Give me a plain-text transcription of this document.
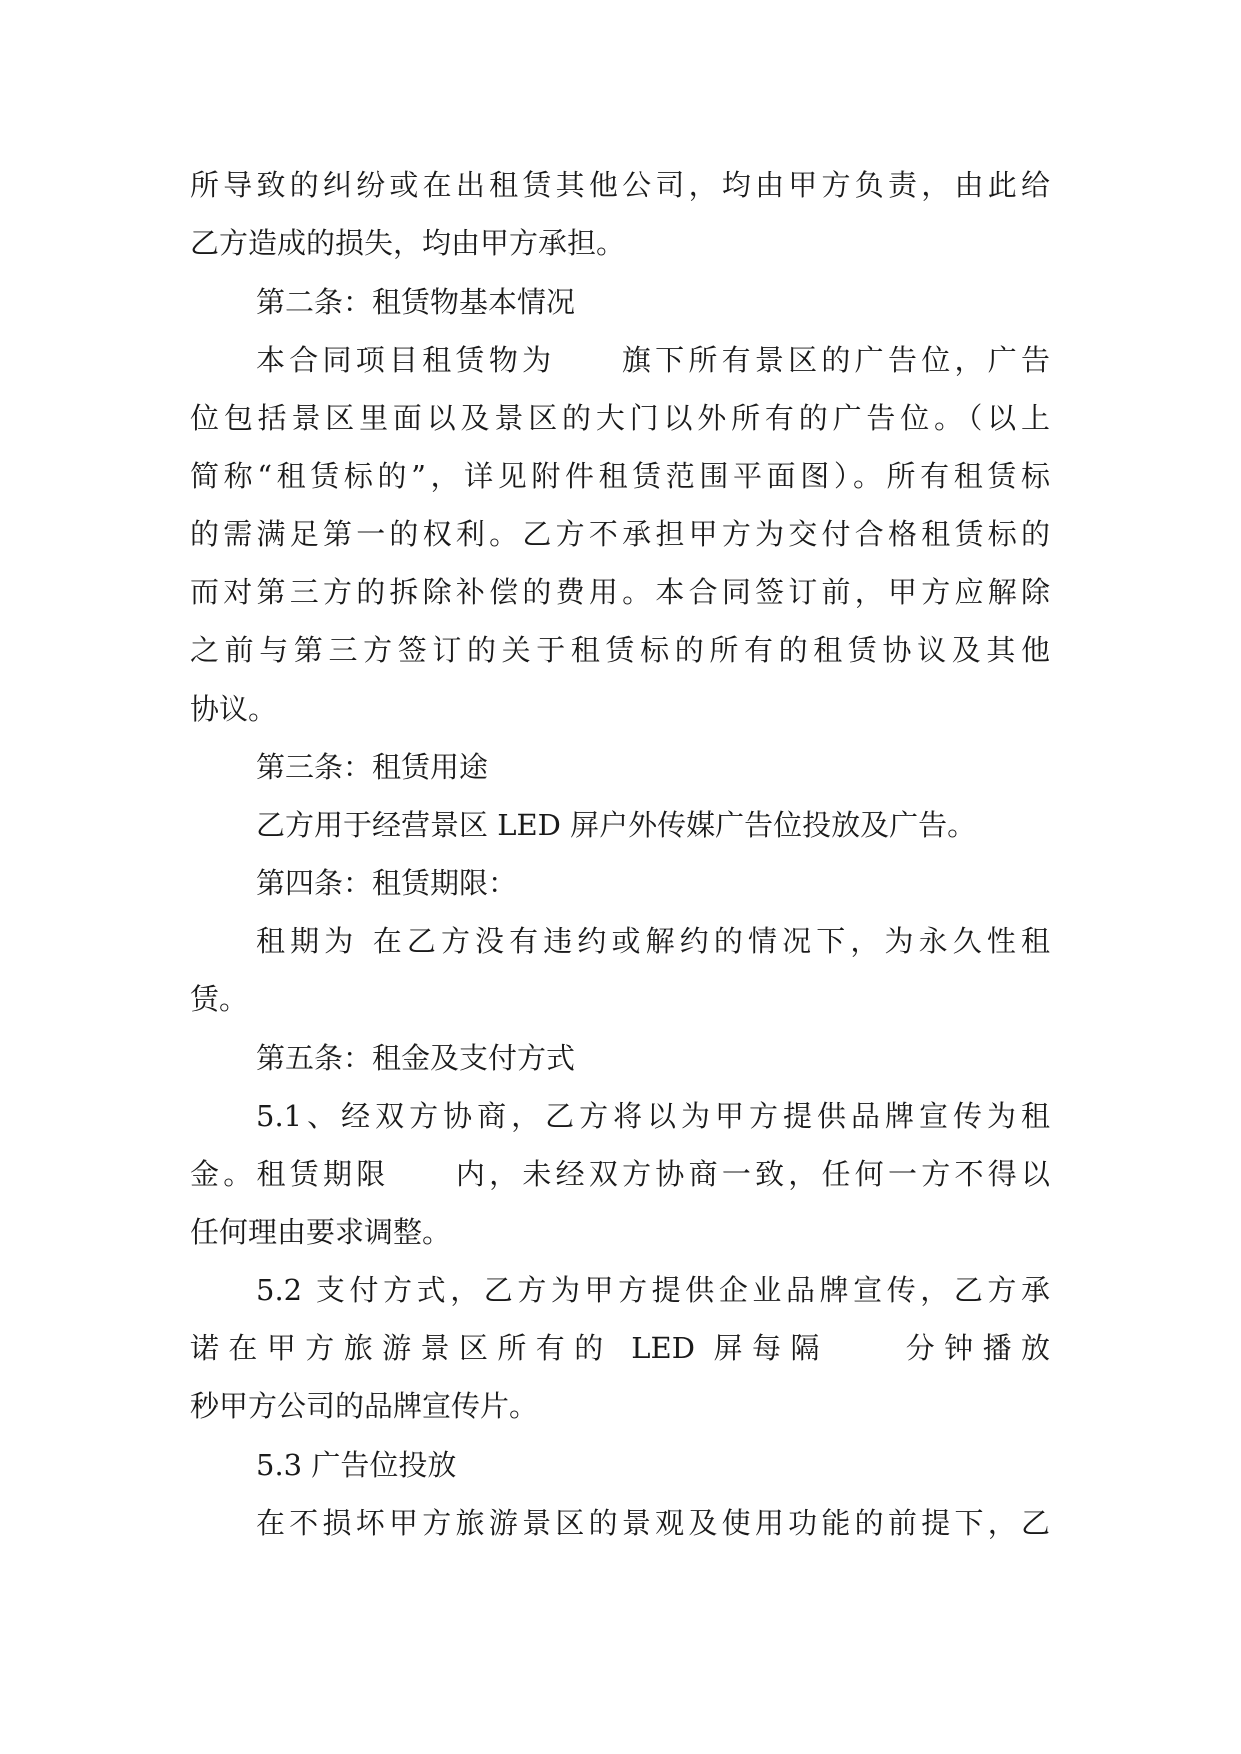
所导致的纠纷或在出租赁其他公司，均由甲方负责，由此给
乙方造成的损失，均由甲方承担。
第二条：租赁物基本情况
本合同项目租赁物为　　旗下所有景区的广告位，广告
位包括景区里面以及景区的大门以外所有的广告位。（以上
简称“租赁标的”，详见附件租赁范围平面图）。所有租赁标
的需满足第一的权利。乙方不承担甲方为交付合格租赁标的
而对第三方的拆除补偿的费用。本合同签订前，甲方应解除
之前与第三方签订的关于租赁标的所有的租赁协议及其他
协议。
第三条：租赁用途
乙方用于经营景区 LED 屏户外传媒广告位投放及广告。
第四条：租赁期限：
租期为 在乙方没有违约或解约的情况下，为永久性租
赁。
第五条：租金及支付方式
5.1、经双方协商，乙方将以为甲方提供品牌宣传为租
金。租赁期限　　内，未经双方协商一致，任何一方不得以
任何理由要求调整。
5.2 支付方式，乙方为甲方提供企业品牌宣传，乙方承
诺在甲方旅游景区所有的 LED 屏每隔　　分钟播放
秒甲方公司的品牌宣传片。
5.3 广告位投放
在不损坏甲方旅游景区的景观及使用功能的前提下，乙
